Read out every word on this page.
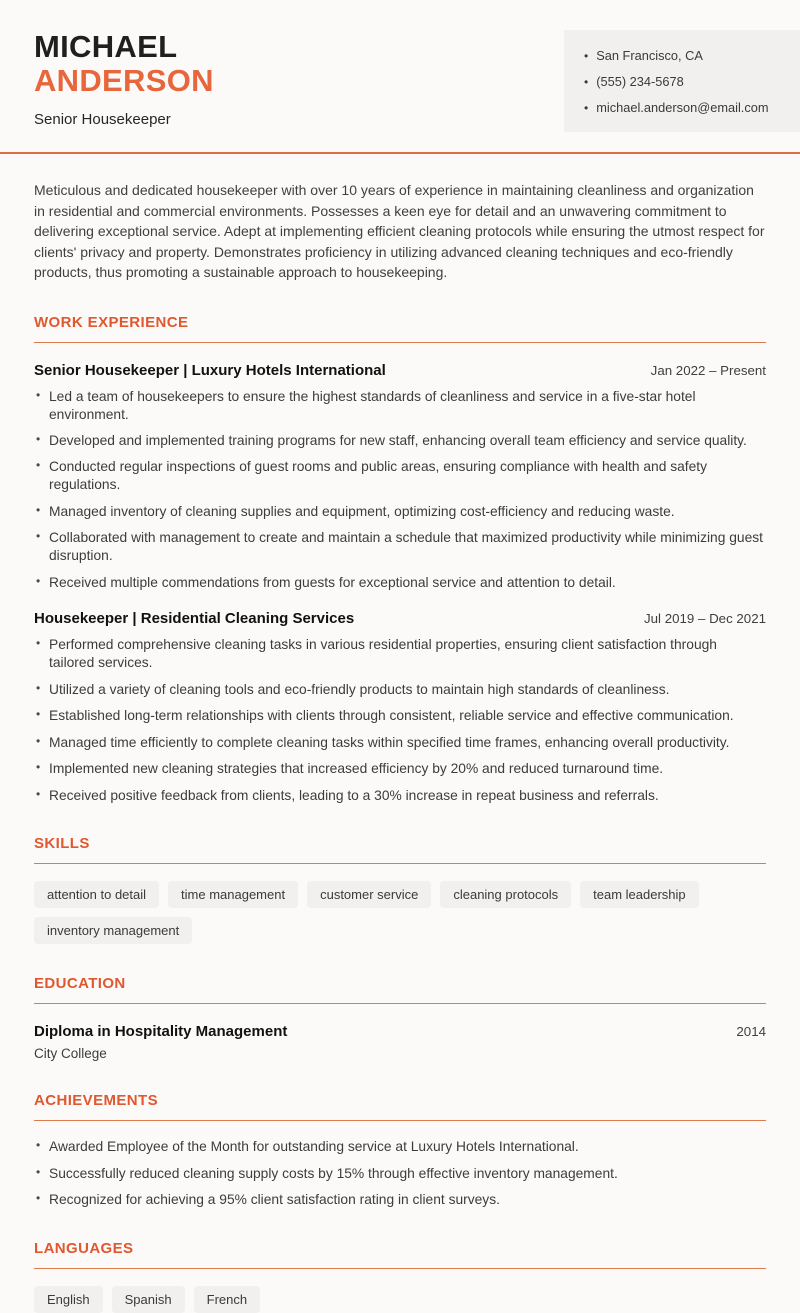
MICHAEL
ANDERSON
Senior Housekeeper
• San Francisco, CA
• (555) 234-5678
• michael.anderson@email.com

Meticulous and dedicated housekeeper with over 10 years of experience in maintaining cleanliness and organization in residential and commercial environments. Possesses a keen eye for detail and an unwavering commitment to delivering exceptional service. Adept at implementing efficient cleaning protocols while ensuring the utmost respect for clients' privacy and property. Demonstrates proficiency in utilizing advanced cleaning techniques and eco-friendly products, thus promoting a sustainable approach to housekeeping.

WORK EXPERIENCE
Senior Housekeeper | Luxury Hotels International	Jan 2022 – Present
• Led a team of housekeepers to ensure the highest standards of cleanliness and service in a five-star hotel environment.
• Developed and implemented training programs for new staff, enhancing overall team efficiency and service quality.
• Conducted regular inspections of guest rooms and public areas, ensuring compliance with health and safety regulations.
• Managed inventory of cleaning supplies and equipment, optimizing cost-efficiency and reducing waste.
• Collaborated with management to create and maintain a schedule that maximized productivity while minimizing guest disruption.
• Received multiple commendations from guests for exceptional service and attention to detail.
Housekeeper | Residential Cleaning Services	Jul 2019 – Dec 2021
• Performed comprehensive cleaning tasks in various residential properties, ensuring client satisfaction through tailored services.
• Utilized a variety of cleaning tools and eco-friendly products to maintain high standards of cleanliness.
• Established long-term relationships with clients through consistent, reliable service and effective communication.
• Managed time efficiently to complete cleaning tasks within specified time frames, enhancing overall productivity.
• Implemented new cleaning strategies that increased efficiency by 20% and reduced turnaround time.
• Received positive feedback from clients, leading to a 30% increase in repeat business and referrals.
SKILLS
attention to detail	time management	customer service	cleaning protocols	team leadership
inventory management
EDUCATION
Diploma in Hospitality Management	2014
City College
ACHIEVEMENTS
• Awarded Employee of the Month for outstanding service at Luxury Hotels International.
• Successfully reduced cleaning supply costs by 15% through effective inventory management.
• Recognized for achieving a 95% client satisfaction rating in client surveys.
LANGUAGES
English	Spanish	French
